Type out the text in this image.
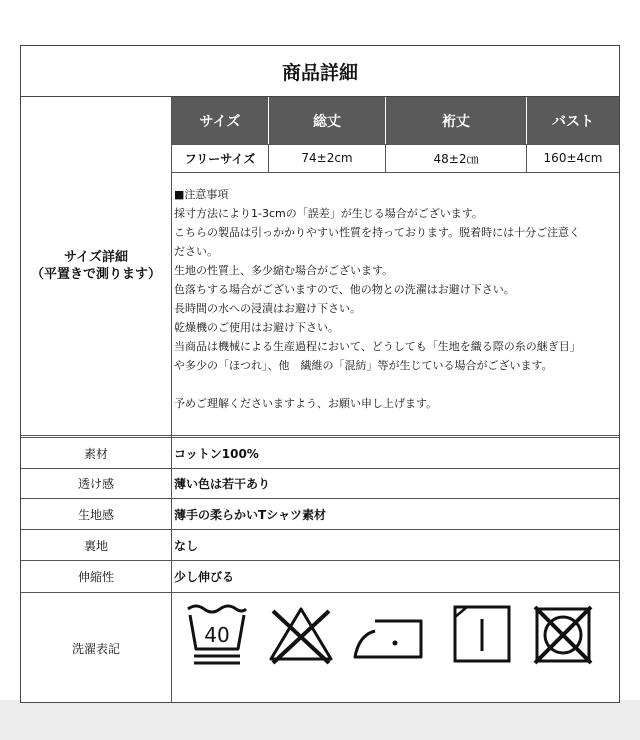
商品詳細
サイズ詳細
（平置きで測ります）
サイズ	総丈	裄丈	バスト
フリーサイズ	74±2cm	48±2㎝	160±4cm
■注意事項
採寸方法により1-3cmの「誤差」が生じる場合がございます。
こちらの製品は引っかかりやすい性質を持っております。脱着時には十分ご注意く
ださい。
生地の性質上、多少縮む場合がございます。
色落ちする場合がございますので、他の物との洗濯はお避け下さい。
長時間の水への浸漬はお避け下さい。
乾燥機のご使用はお避け下さい。
当商品は機械による生産過程において、どうしても「生地を織る際の糸の継ぎ目」
や多少の「ほつれ」、他　繊維の「混紡」等が生じている場合がございます。
予めご理解くださいますよう、お願い申し上げます。
素材	コットン100%
透け感	薄い色は若干あり
生地感	薄手の柔らかいTシャツ素材
裏地	なし
伸縮性	少し伸びる
洗濯表記
40
